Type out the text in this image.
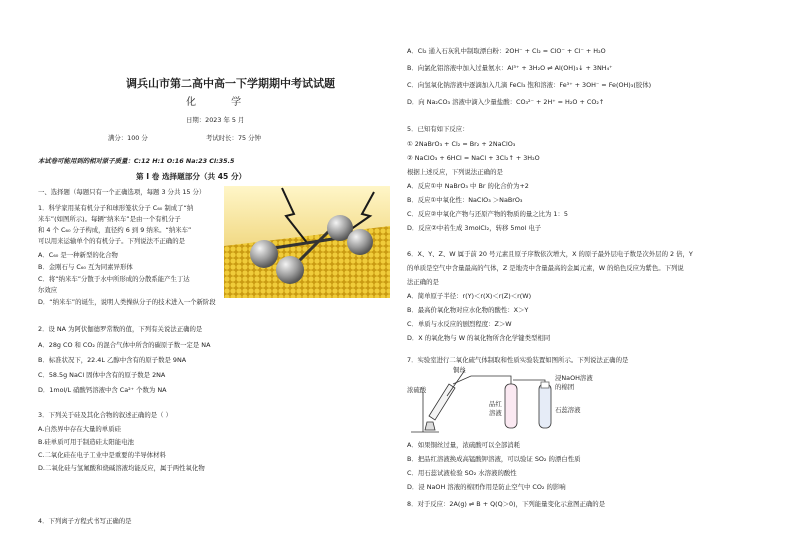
调兵山市第二高中高一下学期期中考试试题
化 学
日期：2023 年 5 月
满分：100 分	考试时长：75 分钟
本试卷可能用到的相对原子质量：C:12 H:1 O:16 Na:23 Cl:35.5
第 I 卷 选择题部分（共 45 分）
一、选择题（每题只有一个正确选项，每题 3 分共 15 分）
1．科学家用某有机分子和球形笼状分子 C₆₀ 制成了“纳
米车”(如图所示)。每辆“纳米车”是由一个有机分子
和 4 个 C₆₀ 分子构成，直径约 6 到 9 纳米。“纳米车”
可以用来运输单个的有机分子。下列说法不正确的是
A．C₆₀ 是一种新型的化合物
B．金刚石与 C₆₀ 互为同素异形体
C．将“纳米车”分散于水中所形成的分散系能产生丁达
尔效应
D．“纳米车”的诞生，说明人类操纵分子的技术进入一个新阶段
2．设 NA 为阿伏伽德罗常数的值，下列有关说法正确的是
A．28g CO 和 CO₂ 的混合气体中所含的碳原子数一定是 NA
B．标准状况下，22.4L 乙醇中含有的原子数是 9NA
C．58.5g NaCl 固体中含有的原子数是 2NA
D．1mol/L 硝酸钙溶液中含 Ca²⁺ 个数为 NA
3．下列关于硅及其化合物的叙述正确的是（ ）
A.自然界中存在大量的单质硅
B.硅单质可用于制造硅太阳能电池
C.二氧化硅在电子工业中是重要的半导体材料
D.二氧化硅与氢氟酸和烧碱溶液均能反应，属于两性氧化物
4．下列离子方程式书写正确的是
A．Cl₂ 通入石灰乳中制取漂白粉：2OH⁻ + Cl₂ = ClO⁻ + Cl⁻ + H₂O
B．向氯化铝溶液中加入过量氨水：Al³⁺ + 3H₂O ⇌ Al(OH)₃↓ + 3NH₄⁺
C．向氢氧化钠溶液中逐滴加入几滴 FeCl₃ 饱和溶液：Fe³⁺ + 3OH⁻ = Fe(OH)₃(胶体)
D．向 Na₂CO₃ 溶液中滴入少量盐酸：CO₃²⁻ + 2H⁺ = H₂O + CO₂↑
5．已知有如下反应：
① 2NaBrO₃ + Cl₂ = Br₂ + 2NaClO₃
② NaClO₃ + 6HCl = NaCl + 3Cl₂↑ + 3H₂O
根据上述反应，下列说法正确的是
A．反应①中 NaBrO₃ 中 Br 的化合价为+2
B．反应①中氧化性：NaClO₃ ＞NaBrO₃
C．反应②中氧化产物与还原产物的物质的量之比为 1：5
D．反应②中若生成 3molCl₂，转移 5mol 电子
6．X、Y、Z、W 属于前 20 号元素且原子序数依次增大，X 的原子最外层电子数是次外层的 2 倍，Y
的单质是空气中含量最高的气体，Z 是地壳中含量最高的金属元素，W 的焰色反应为紫色。下列说
法正确的是
A．简单原子半径：r(Y)＜r(X)＜r(Z)＜r(W)
B．最高价氧化物对应水化物的酸性：X＞Y
C．单质与水反应的剧烈程度：Z＞W
D．X 的氧化物与 W 的氧化物所含化学键类型相同
7．实验室进行二氧化硫气体制取和性质实验装置如图所示。下列说法正确的是
铜丝
浓硫酸
浸NaOH溶液
的棉团
品红
溶液	石蕊溶液
A．如果铜丝过量，浓硫酸可以全部消耗
B．把品红溶液换成高锰酸钾溶液，可以验证 SO₂ 的漂白性质
C．用石蕊试液检验 SO₂ 水溶液的酸性
D．浸 NaOH 溶液的棉团作用是防止空气中 CO₂ 的影响
8．对于反应：2A(g) ⇌ B + Q(Q＞0)，下列能量变化示意图正确的是
